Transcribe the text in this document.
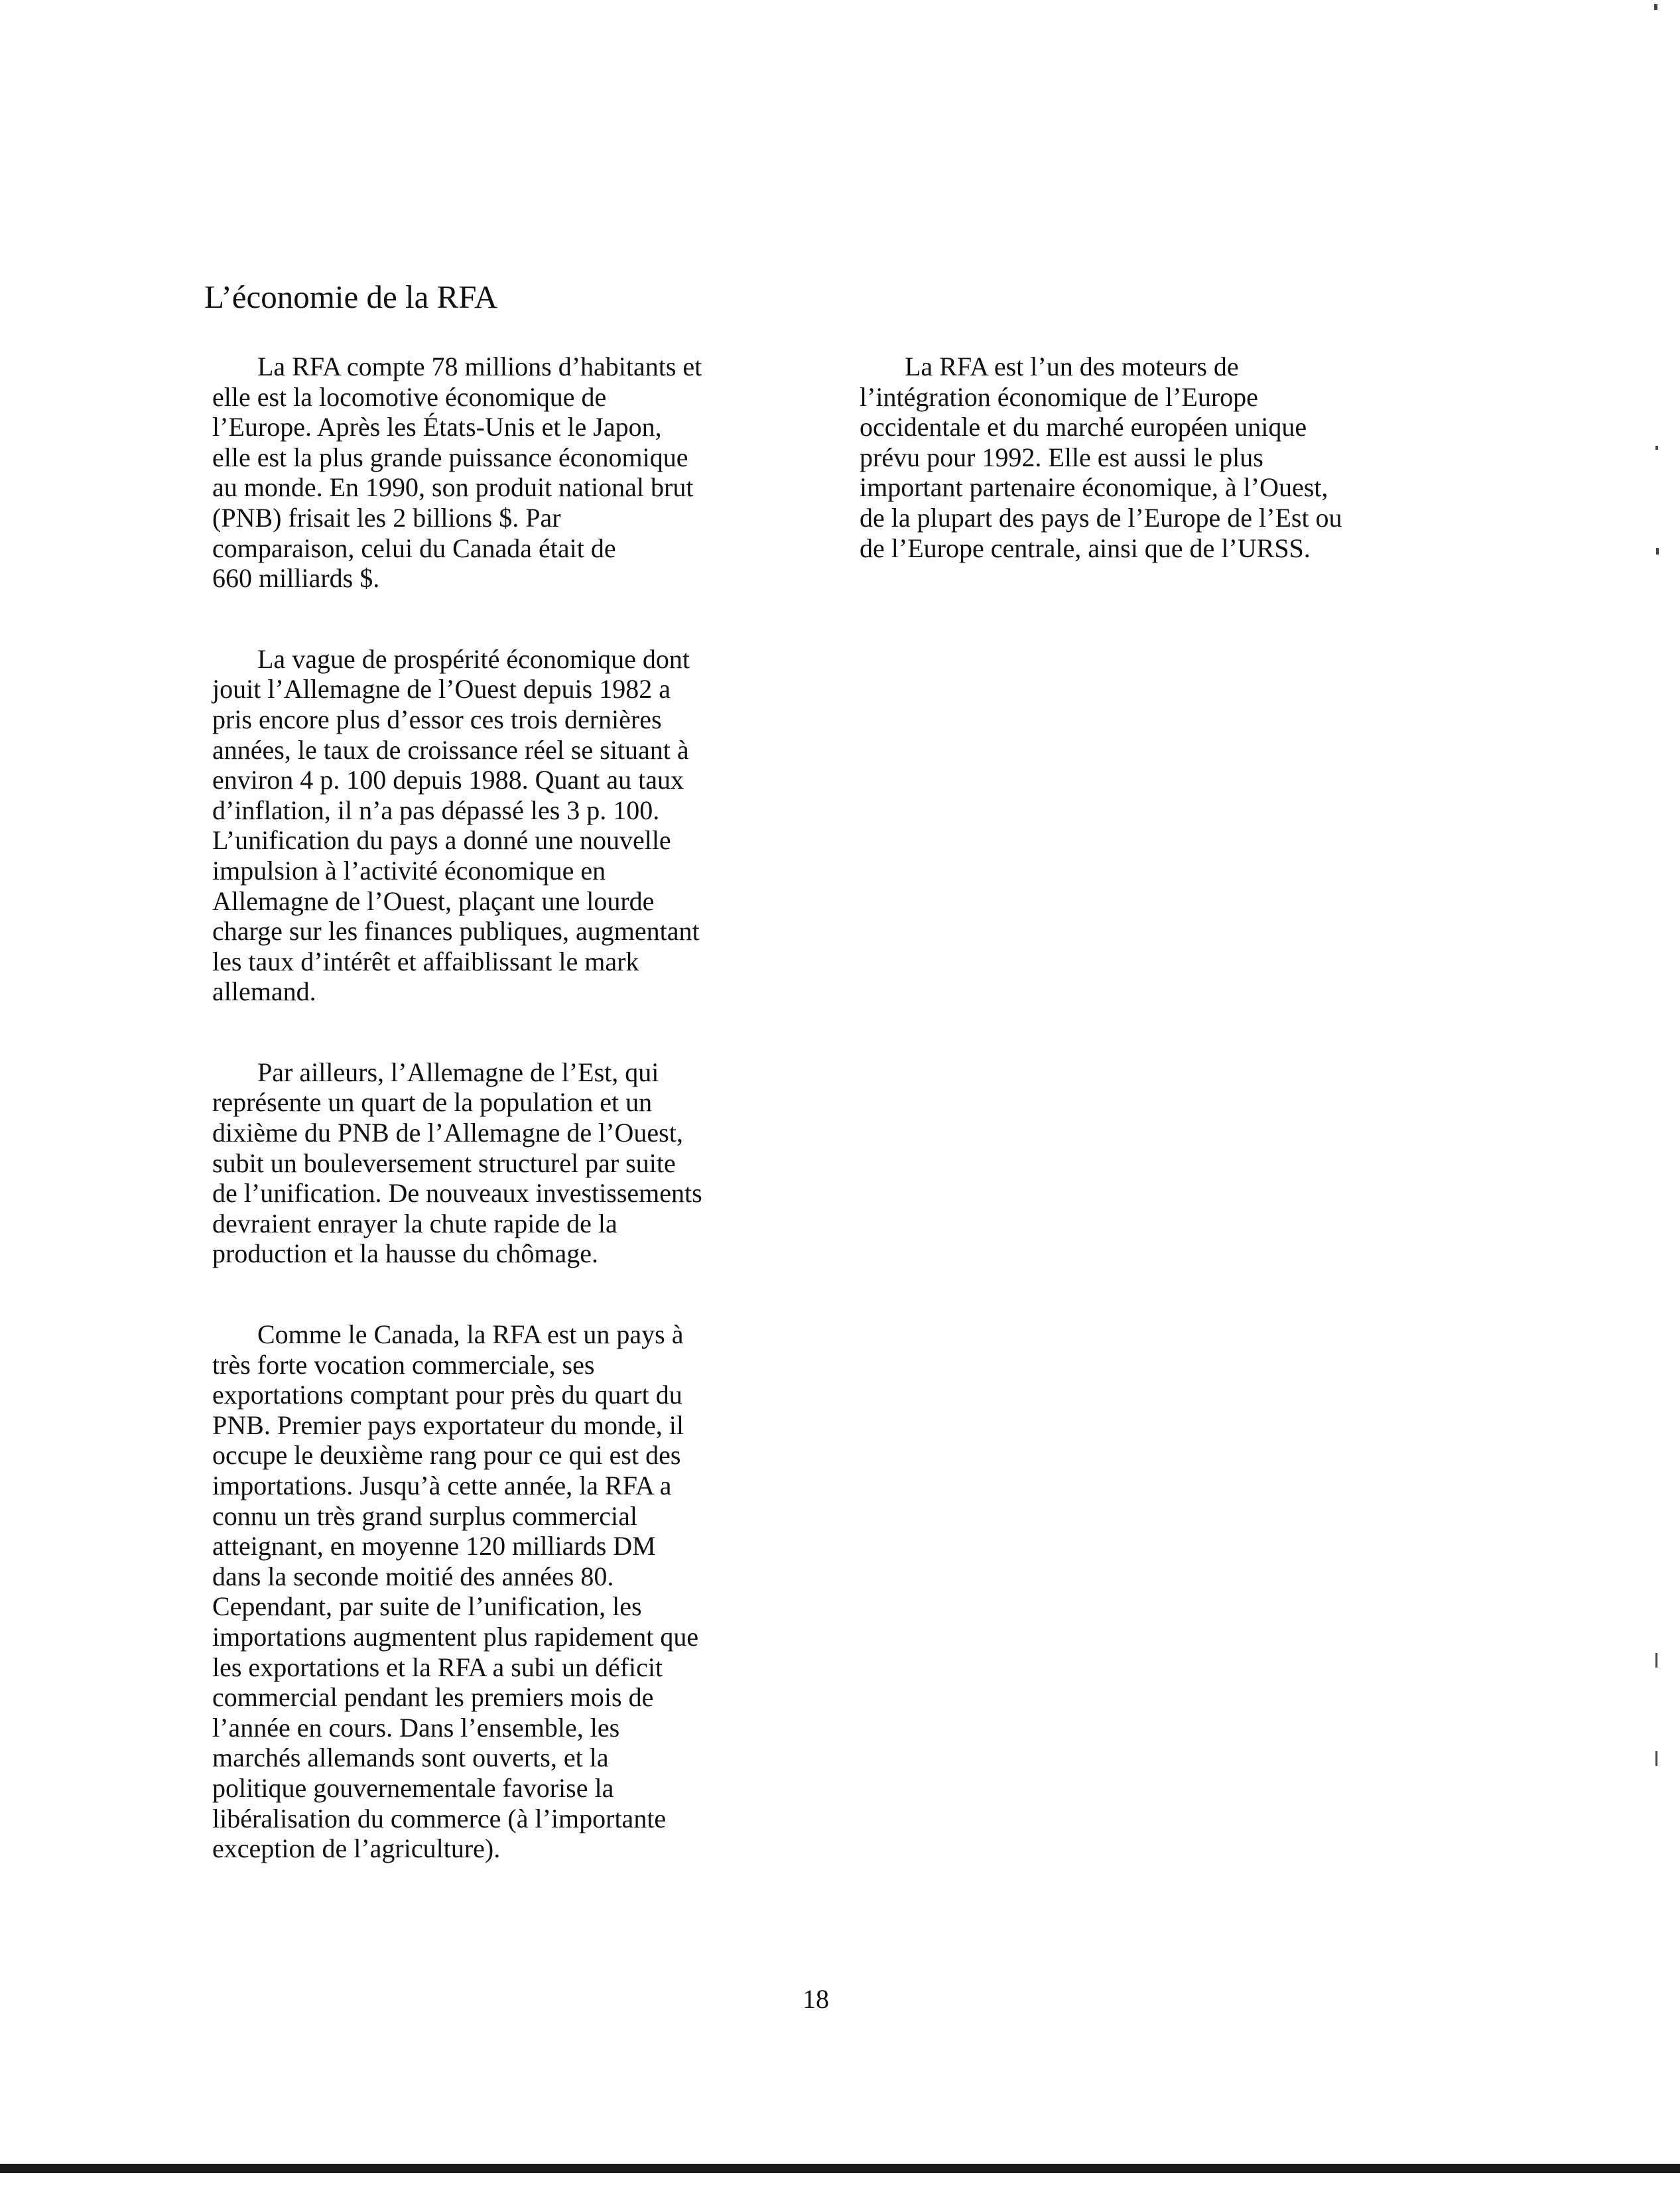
L’économie de la RFA

La RFA compte 78 millions d’habitants et
elle est la locomotive économique de
l’Europe. Après les États-Unis et le Japon,
elle est la plus grande puissance économique
au monde. En 1990, son produit national brut
(PNB) frisait les 2 billions $. Par
comparaison, celui du Canada était de
660 milliards $.

La vague de prospérité économique dont
jouit l’Allemagne de l’Ouest depuis 1982 a
pris encore plus d’essor ces trois dernières
années, le taux de croissance réel se situant à
environ 4 p. 100 depuis 1988. Quant au taux
d’inflation, il n’a pas dépassé les 3 p. 100.
L’unification du pays a donné une nouvelle
impulsion à l’activité économique en
Allemagne de l’Ouest, plaçant une lourde
charge sur les finances publiques, augmentant
les taux d’intérêt et affaiblissant le mark
allemand.

Par ailleurs, l’Allemagne de l’Est, qui
représente un quart de la population et un
dixième du PNB de l’Allemagne de l’Ouest,
subit un bouleversement structurel par suite
de l’unification. De nouveaux investissements
devraient enrayer la chute rapide de la
production et la hausse du chômage.

Comme le Canada, la RFA est un pays à
très forte vocation commerciale, ses
exportations comptant pour près du quart du
PNB. Premier pays exportateur du monde, il
occupe le deuxième rang pour ce qui est des
importations. Jusqu’à cette année, la RFA a
connu un très grand surplus commercial
atteignant, en moyenne 120 milliards DM
dans la seconde moitié des années 80.
Cependant, par suite de l’unification, les
importations augmentent plus rapidement que
les exportations et la RFA a subi un déficit
commercial pendant les premiers mois de
l’année en cours. Dans l’ensemble, les
marchés allemands sont ouverts, et la
politique gouvernementale favorise la
libéralisation du commerce (à l’importante
exception de l’agriculture).

La RFA est l’un des moteurs de
l’intégration économique de l’Europe
occidentale et du marché européen unique
prévu pour 1992. Elle est aussi le plus
important partenaire économique, à l’Ouest,
de la plupart des pays de l’Europe de l’Est ou
de l’Europe centrale, ainsi que de l’URSS.

18
